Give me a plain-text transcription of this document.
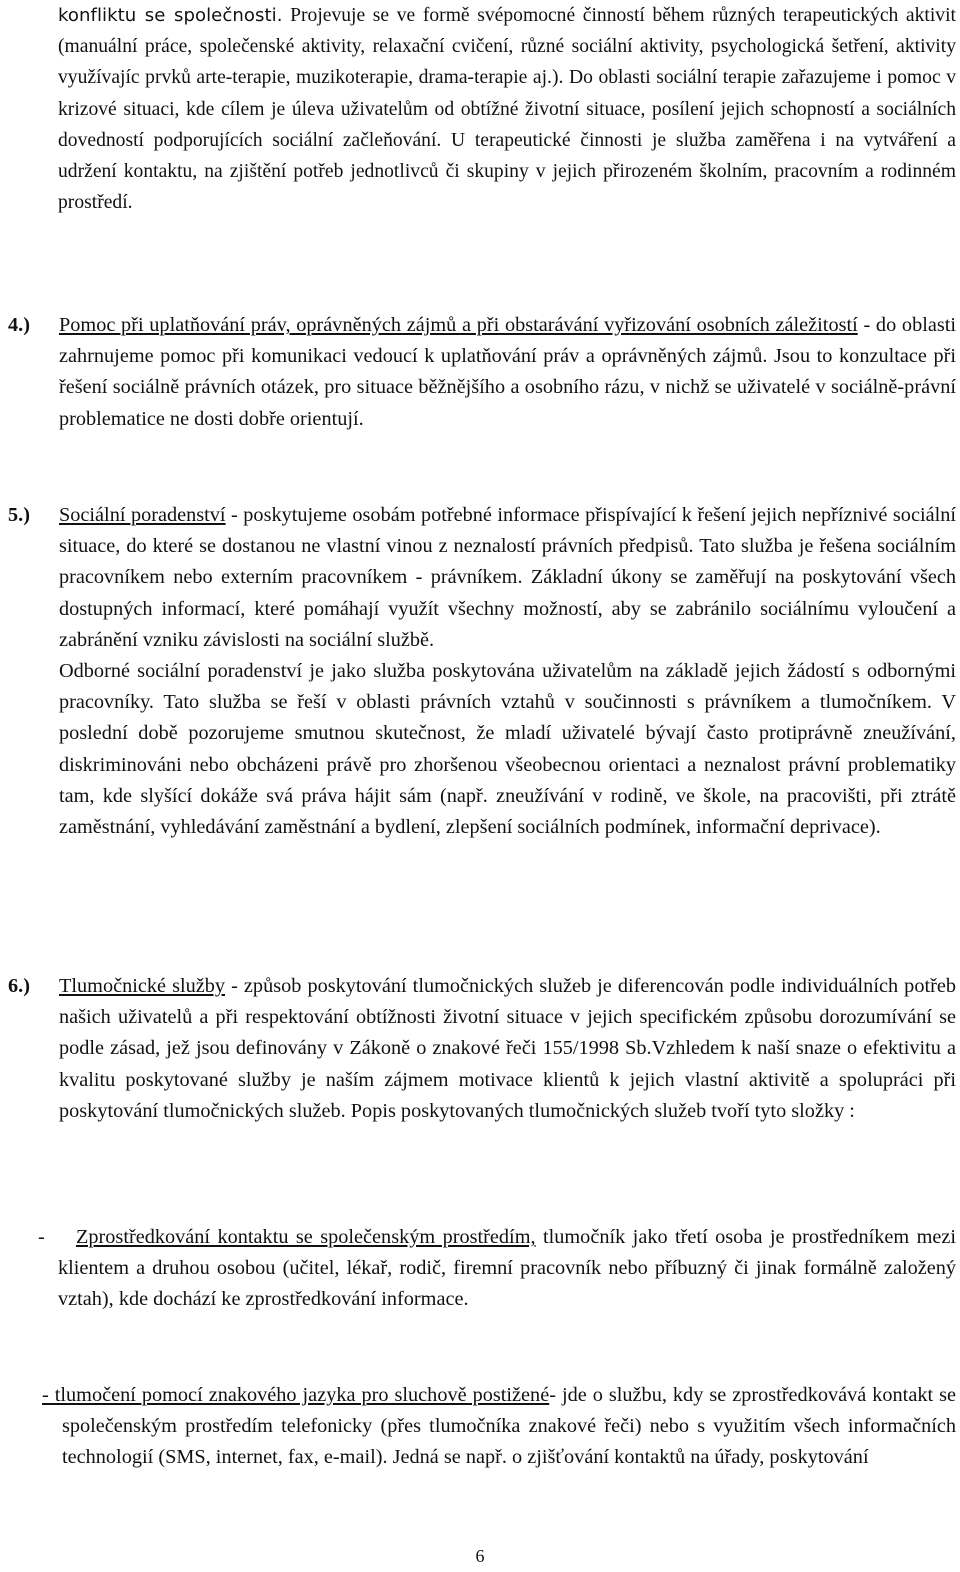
konfliktu se společnosti. Projevuje se ve formě svépomocné činností během různých terapeutických aktivit (manuální práce, společenské aktivity, relaxační cvičení, různé sociální aktivity, psychologická šetření, aktivity využívajíc prvků arte-terapie, muzikoterapie, drama-terapie aj.). Do oblasti sociální terapie zařazujeme i pomoc v krizové situaci, kde cílem je úleva uživatelům od obtížné životní situace, posílení jejich schopností a sociálních dovedností podporujících sociální začleňování. U terapeutické činnosti je služba zaměřena i na vytváření a udržení kontaktu, na zjištění potřeb jednotlivců či skupiny v jejich přirozeném školním, pracovním a rodinném prostředí.

4.) Pomoc při uplatňování práv, oprávněných zájmů a při obstarávání vyřizování osobních záležitostí - do oblasti zahrnujeme pomoc při komunikaci vedoucí k uplatňování práv a oprávněných zájmů. Jsou to konzultace při řešení sociálně právních otázek, pro situace běžnějšího a osobního rázu, v nichž se uživatelé v sociálně-právní problematice ne dosti dobře orientují.
5.) Sociální poradenství - poskytujeme osobám potřebné informace přispívající k řešení jejich nepříznivé sociální situace, do které se dostanou ne vlastní vinou z neznalostí právních předpisů. Tato služba je řešena sociálním pracovníkem nebo externím pracovníkem - právníkem. Základní úkony se zaměřují na poskytování všech dostupných informací, které pomáhají využít všechny možností, aby se zabránilo sociálnímu vyloučení a zabránění vzniku závislosti na sociální službě.
Odborné sociální poradenství je jako služba poskytována uživatelům na základě jejich žádostí s odbornými pracovníky. Tato služba se řeší v oblasti právních vztahů v součinnosti s právníkem a tlumočníkem. V poslední době pozorujeme smutnou skutečnost, že mladí uživatelé bývají často protiprávně zneužívání, diskriminováni nebo obcházeni právě pro zhoršenou všeobecnou orientaci a neznalost právní problematiky tam, kde slyšící dokáže svá práva hájit sám (např. zneužívání v rodině, ve škole, na pracovišti, při ztrátě zaměstnání, vyhledávání zaměstnání a bydlení, zlepšení sociálních podmínek, informační deprivace).
6.) Tlumočnické služby - způsob poskytování tlumočnických služeb je diferencován podle individuálních potřeb našich uživatelů a při respektování obtížnosti životní situace v jejich specifickém způsobu dorozumívání se podle zásad, jež jsou definovány v Zákoně o znakové řeči 155/1998 Sb.Vzhledem k naší snaze o efektivitu a kvalitu poskytované služby je naším zájmem motivace klientů k jejich vlastní aktivitě a spolupráci při poskytování tlumočnických služeb. Popis poskytovaných tlumočnických služeb tvoří tyto složky :
-	Zprostředkování kontaktu se společenským prostředím, tlumočník jako třetí osoba je prostředníkem mezi klientem a druhou osobou (učitel, lékař, rodič, firemní pracovník nebo příbuzný či jinak formálně založený vztah), kde dochází ke zprostředkování informace.
- tlumočení pomocí znakového jazyka pro sluchově postižené- jde o službu, kdy se zprostředkovává kontakt se společenským prostředím telefonicky (přes tlumočníka znakové řeči) nebo s využitím všech informačních technologií (SMS, internet, fax, e-mail). Jedná se např. o zjišťování kontaktů na úřady, poskytování
6
